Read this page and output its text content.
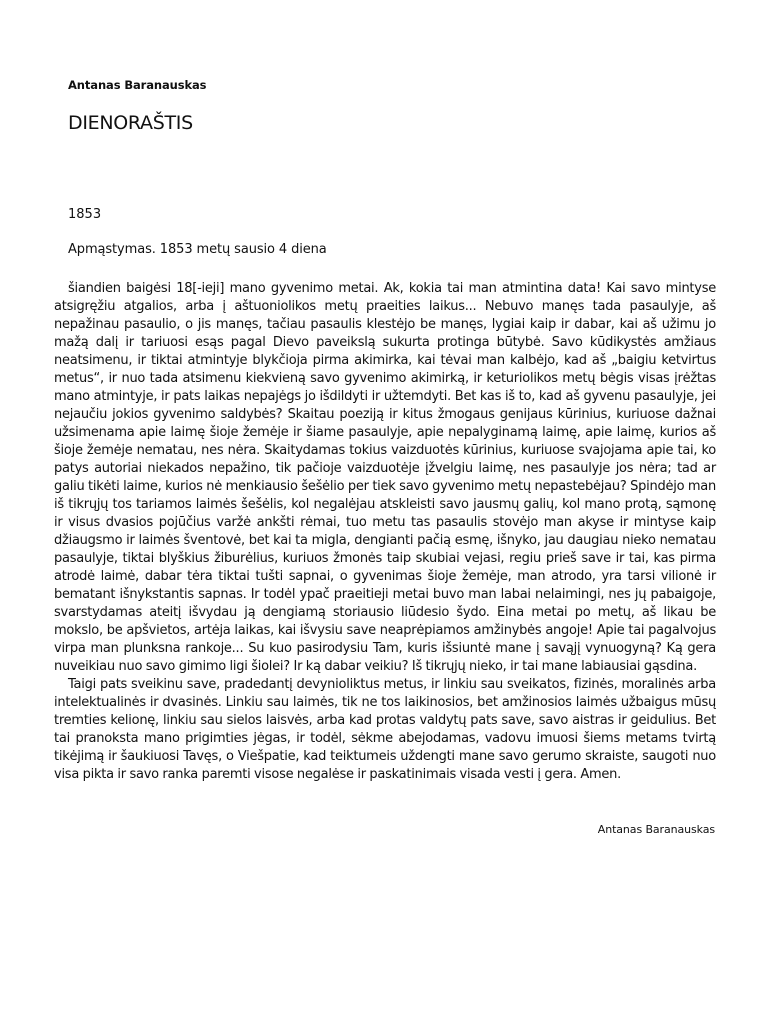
Antanas Baranauskas
DIENORAŠTIS
1853
Apmąstymas. 1853 metų sausio 4 diena

šiandien baigėsi 18[-ieji] mano gyvenimo metai. Ak, kokia tai man atmintina data! Kai savo mintyse atsigręžiu atgalios, arba į aštuoniolikos metų praeities laikus... Nebuvo manęs tada pasaulyje, aš nepažinau pasaulio, o jis manęs, tačiau pasaulis klestėjo be manęs, lygiai kaip ir dabar, kai aš užimu jo mažą dalį ir tariuosi esąs pagal Dievo paveikslą sukurta protinga būtybė. Savo kūdikystės amžiaus neatsimenu, ir tiktai atmintyje blykčioja pirma akimirka, kai tėvai man kalbėjo, kad aš „baigiu ketvirtus metus“, ir nuo tada atsimenu kiekvieną savo gyvenimo akimirką, ir keturiolikos metų bėgis visas įrėžtas mano atmintyje, ir pats laikas nepajėgs jo išdildyti ir užtemdyti. Bet kas iš to, kad aš gyvenu pasaulyje, jei nejaučiu jokios gyvenimo saldybės? Skaitau poeziją ir kitus žmogaus genijaus kūrinius, kuriuose dažnai užsimenama apie laimę šioje žemėje ir šiame pasaulyje, apie nepalyginamą laimę, apie laimę, kurios aš šioje žemėje nematau, nes nėra. Skaitydamas tokius vaizduotės kūrinius, kuriuose svajojama apie tai, ko patys autoriai niekados nepažino, tik pačioje vaizduotėje įžvelgiu laimę, nes pasaulyje jos nėra; tad ar galiu tikėti laime, kurios nė menkiausio šešėlio per tiek savo gyvenimo metų nepastebėjau? Spindėjo man iš tikrųjų tos tariamos laimės šešėlis, kol negalėjau atskleisti savo jausmų galių, kol mano protą, sąmonę ir visus dvasios pojūčius varžė ankšti rėmai, tuo metu tas pasaulis stovėjo man akyse ir mintyse kaip džiaugsmo ir laimės šventovė, bet kai ta migla, dengianti pačią esmę, išnyko, jau daugiau nieko nematau pasaulyje, tiktai blyškius žiburėlius, kuriuos žmonės taip skubiai vejasi, regiu prieš save ir tai, kas pirma atrodė laimė, dabar tėra tiktai tušti sapnai, o gyvenimas šioje žemėje, man atrodo, yra tarsi vilionė ir bematant išnykstantis sapnas. Ir todėl ypač praeitieji metai buvo man labai nelaimingi, nes jų pabaigoje, svarstydamas ateitį išvydau ją dengiamą storiausio liūdesio šydo. Eina metai po metų, aš likau be mokslo, be apšvietos, artėja laikas, kai išvysiu save neaprėpiamos amžinybės angoje! Apie tai pagalvojus virpa man plunksna rankoje... Su kuo pasirodysiu Tam, kuris išsiuntė mane į savąjį vynuogyną? Ką gera nuveikiau nuo savo gimimo ligi šiolei? Ir ką dabar veikiu? Iš tikrųjų nieko, ir tai mane labiausiai gąsdina.

Taigi pats sveikinu save, pradedantį devynioliktus metus, ir linkiu sau sveikatos, fizinės, moralinės arba intelektualinės ir dvasinės. Linkiu sau laimės, tik ne tos laikinosios, bet amžinosios laimės užbaigus mūsų tremties kelionę, linkiu sau sielos laisvės, arba kad protas valdytų pats save, savo aistras ir geidulius. Bet tai pranoksta mano prigimties jėgas, ir todėl, sėkme abejodamas, vadovu imuosi šiems metams tvirtą tikėjimą ir šaukiuosi Tavęs, o Viešpatie, kad teiktumeis uždengti mane savo gerumo skraiste, saugoti nuo visa pikta ir savo ranka paremti visose negalėse ir paskatinimais visada vesti į gera. Amen.

Antanas Baranauskas
